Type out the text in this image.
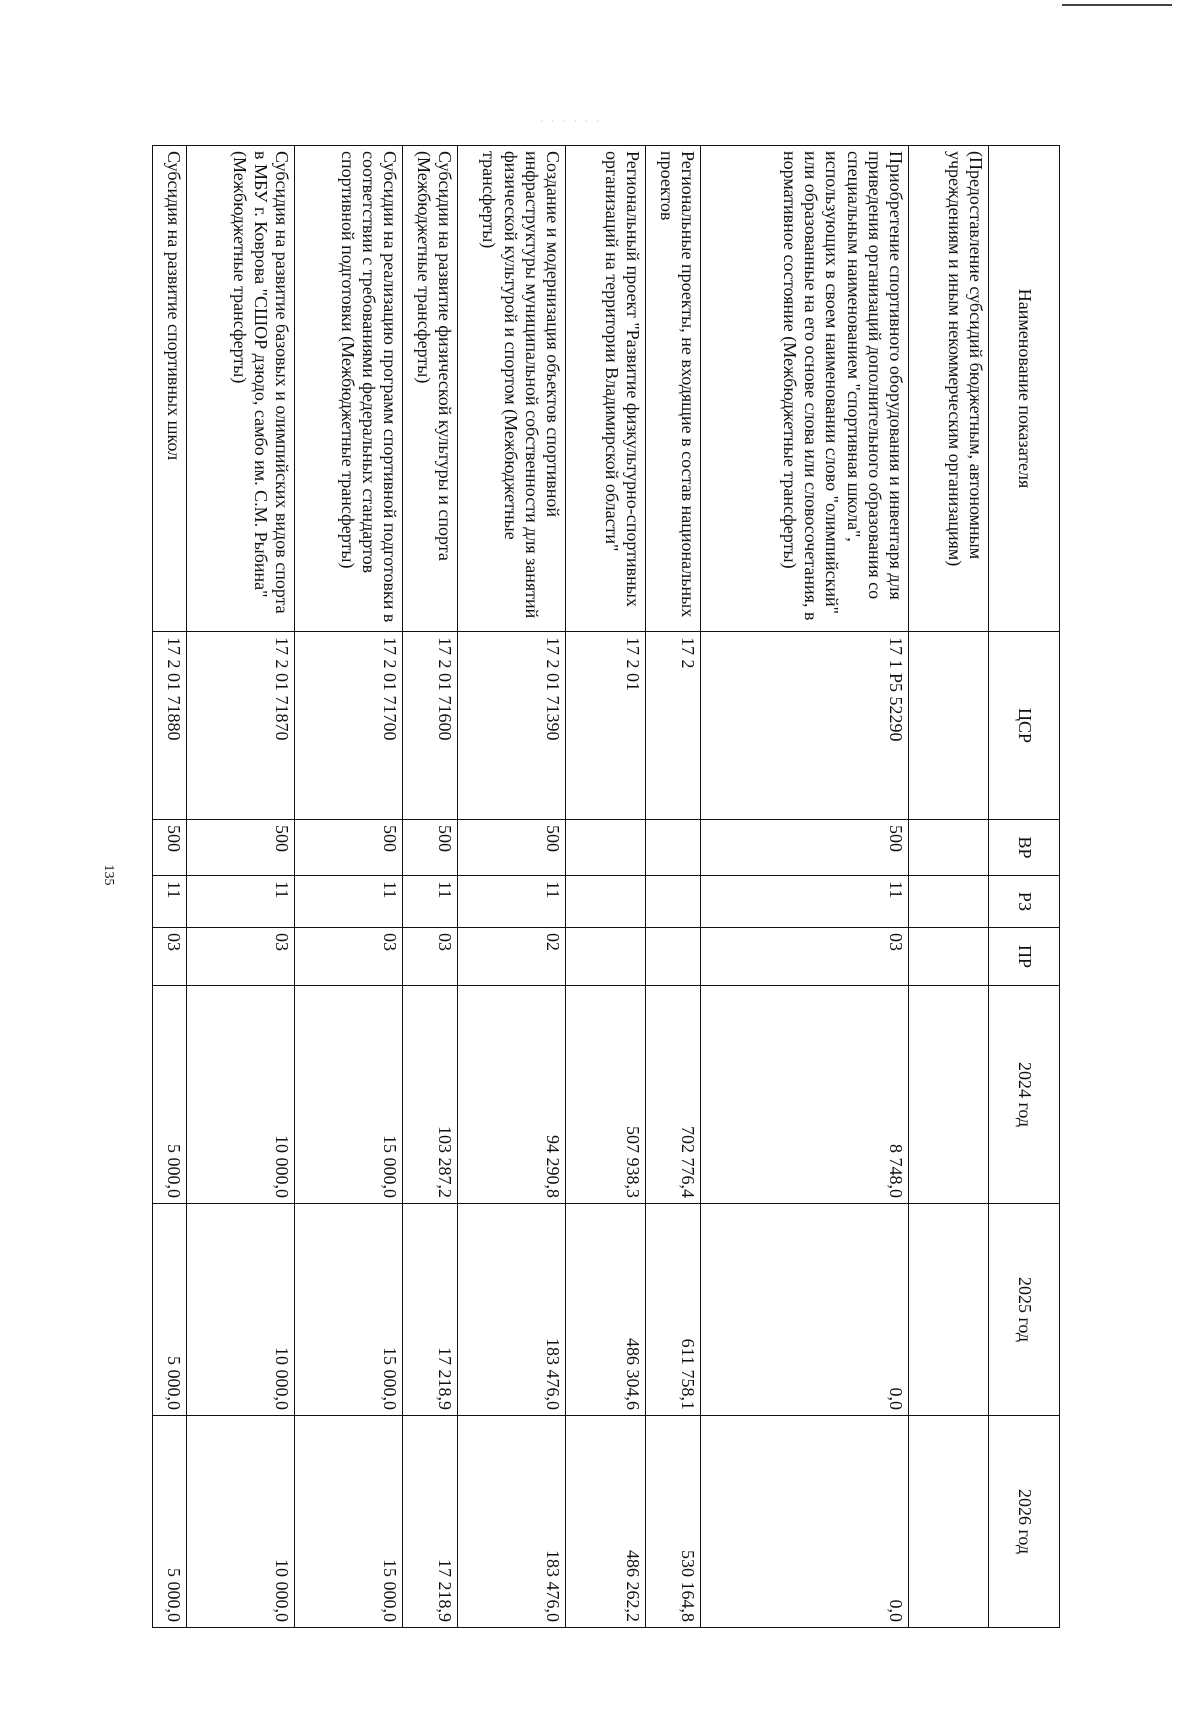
· · · · · ·
135
Наименование показателя	ЦСР	ВР	РЗ	ПР	2024 год	2025 год	2026 год
(Предоставление субсидий бюджетным, автономным учреждениям и иным некоммерческим организациям)							
Приобретение спортивного оборудования и инвентаря для приведения организаций дополнительного образования со специальным наименованием "спортивная школа", использующих в своем наименовании слово "олимпийский" или образованные на его основе слова или словосочетания, в нормативное состояние (Межбюджетные трансферты)	17 1 Р5 52290	500	11	03	8 748,0	0,0	0,0
Региональные проекты, не входящие в состав национальных проектов	17 2				702 776,4	611 758,1	530 164,8
Региональный проект "Развитие физкультурно-спортивных организаций на территории Владимирской области"	17 2 01				507 938,3	486 304,6	486 262,2
Создание и модернизация объектов спортивной инфраструктуры муниципальной собственности для занятий физической культурой и спортом (Межбюджетные трансферты)	17 2 01 71390	500	11	02	94 290,8	183 476,0	183 476,0
Субсидии на развитие физической культуры и спорта (Межбюджетные трансферты)	17 2 01 71600	500	11	03	103 287,2	17 218,9	17 218,9
Субсидии на реализацию программ спортивной подготовки в соответствии с требованиями федеральных стандартов спортивной подготовки (Межбюджетные трансферты)	17 2 01 71700	500	11	03	15 000,0	15 000,0	15 000,0
Субсидия на развитие базовых и олимпийских видов спорта в МБУ г. Коврова "СШОР дзюдо, самбо им. С.М. Рыбина" (Межбюджетные трансферты)	17 2 01 71870	500	11	03	10 000,0	10 000,0	10 000,0
Субсидия на развитие спортивных школ	17 2 01 71880	500	11	03	5 000,0	5 000,0	5 000,0
